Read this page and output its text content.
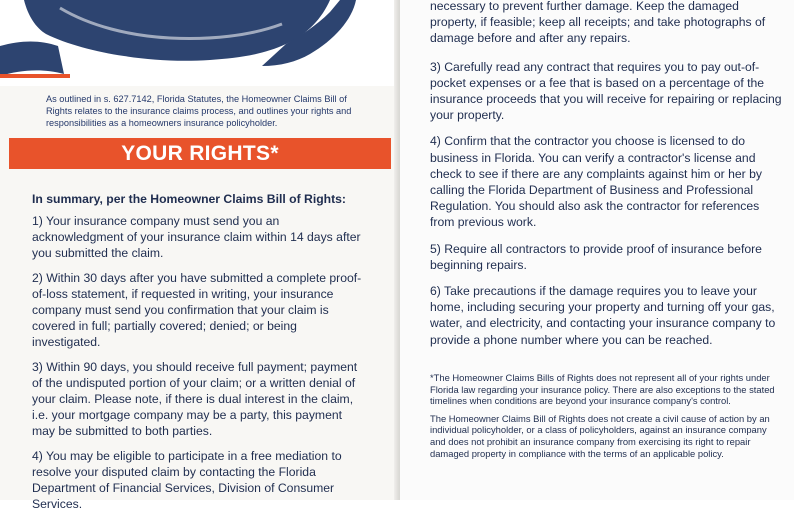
As outlined in s. 627.7142, Florida Statutes, the Homeowner Claims Bill of Rights relates to the insurance claims process, and outlines your rights and responsibilities as a homeowners insurance policyholder.
YOUR RIGHTS*
In summary, per the Homeowner Claims Bill of Rights:

1) Your insurance company must send you an acknowledgment of your insurance claim within 14 days after you submitted the claim.

2) Within 30 days after you have submitted a complete proof-of-loss statement, if requested in writing, your insurance company must send you confirmation that your claim is covered in full; partially covered; denied; or being investigated.

3) Within 90 days, you should receive full payment; payment of the undisputed portion of your claim; or a written denial of your claim. Please note, if there is dual interest in the claim, i.e. your mortgage company may be a party, this payment may be submitted to both parties.

4) You may be eligible to participate in a free mediation to resolve your disputed claim by contacting the Florida Department of Financial Services, Division of Consumer Services.

necessary to prevent further damage. Keep the damaged property, if feasible; keep all receipts; and take photographs of damage before and after any repairs.

3) Carefully read any contract that requires you to pay out-of-pocket expenses or a fee that is based on a percentage of the insurance proceeds that you will receive for repairing or replacing your property.

4) Confirm that the contractor you choose is licensed to do business in Florida. You can verify a contractor's license and check to see if there are any complaints against him or her by calling the Florida Department of Business and Professional Regulation. You should also ask the contractor for references from previous work.

5) Require all contractors to provide proof of insurance before beginning repairs.

6) Take precautions if the damage requires you to leave your home, including securing your property and turning off your gas, water, and electricity, and contacting your insurance company to provide a phone number where you can be reached.

*The Homeowner Claims Bills of Rights does not represent all of your rights under Florida law regarding your insurance policy. There are also exceptions to the stated timelines when conditions are beyond your insurance company's control.

The Homeowner Claims Bill of Rights does not create a civil cause of action by an individual policyholder, or a class of policyholders, against an insurance company and does not prohibit an insurance company from exercising its right to repair damaged property in compliance with the terms of an applicable policy.
